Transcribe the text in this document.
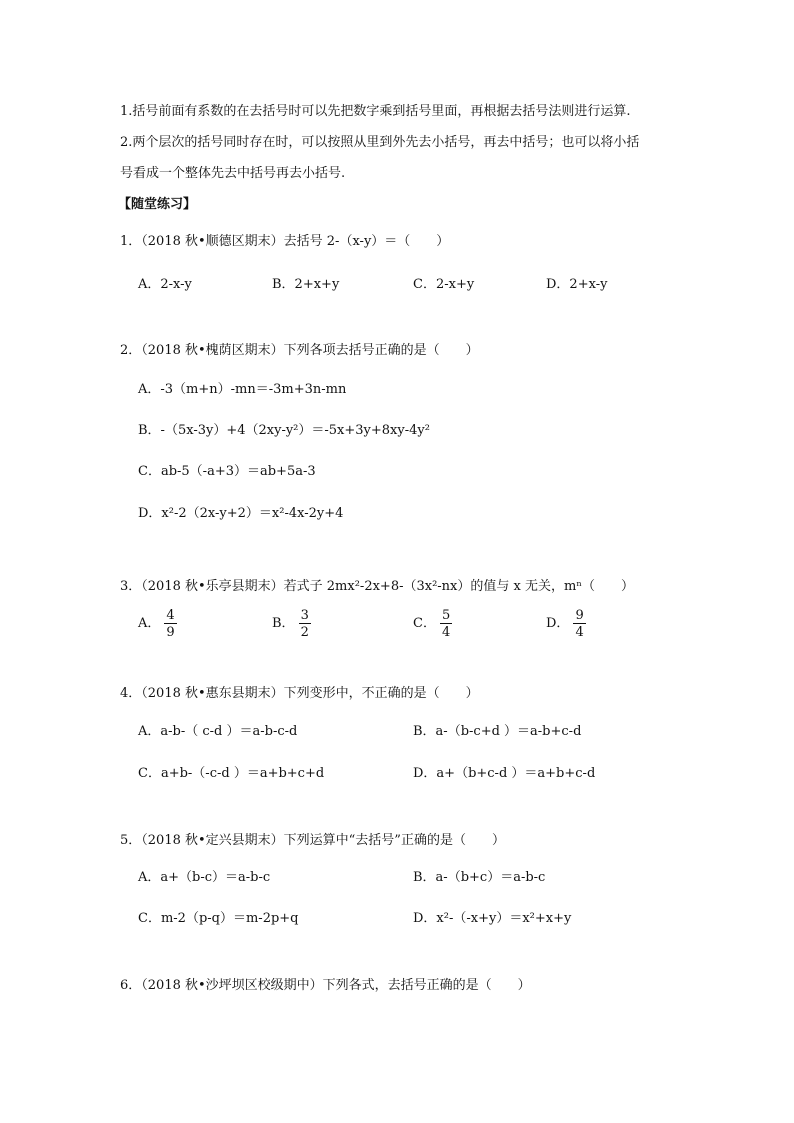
1.括号前面有系数的在去括号时可以先把数字乘到括号里面，再根据去括号法则进行运算.
2.两个层次的括号同时存在时，可以按照从里到外先去小括号，再去中括号；也可以将小括
号看成一个整体先去中括号再去小括号.
【随堂练习】
1．（2018 秋•顺德区期末）去括号 2-（x-y）＝（　　）
A．2-x-y	B．2+x+y	C．2-x+y	D．2+x-y
2．（2018 秋•槐荫区期末）下列各项去括号正确的是（　　）
A．-3（m+n）-mn＝-3m+3n-mn
B．-（5x-3y）+4（2xy-y²）＝-5x+3y+8xy-4y²
C．ab-5（-a+3）＝ab+5a-3
D．x²-2（2x-y+2）＝x²-4x-2y+4
3．（2018 秋•乐亭县期末）若式子 2mx²-2x+8-（3x²-nx）的值与 x 无关，mⁿ（　　）
A． $\frac{4}{9}$	B． $\frac{3}{2}$	C． $\frac{5}{4}$	D． $\frac{9}{4}$
4．（2018 秋•惠东县期末）下列变形中，不正确的是（　　）
A．a-b-（ c-d ）＝a-b-c-d	B．a-（b-c+d ）＝a-b+c-d
C．a+b-（-c-d ）＝a+b+c+d	D．a+（b+c-d ）＝a+b+c-d
5．（2018 秋•定兴县期末）下列运算中“去括号”正确的是（　　）
A．a+（b-c）＝a-b-c	B．a-（b+c）＝a-b-c
C．m-2（p-q）＝m-2p+q	D．x²-（-x+y）＝x²+x+y
6．（2018 秋•沙坪坝区校级期中）下列各式，去括号正确的是（　　）
